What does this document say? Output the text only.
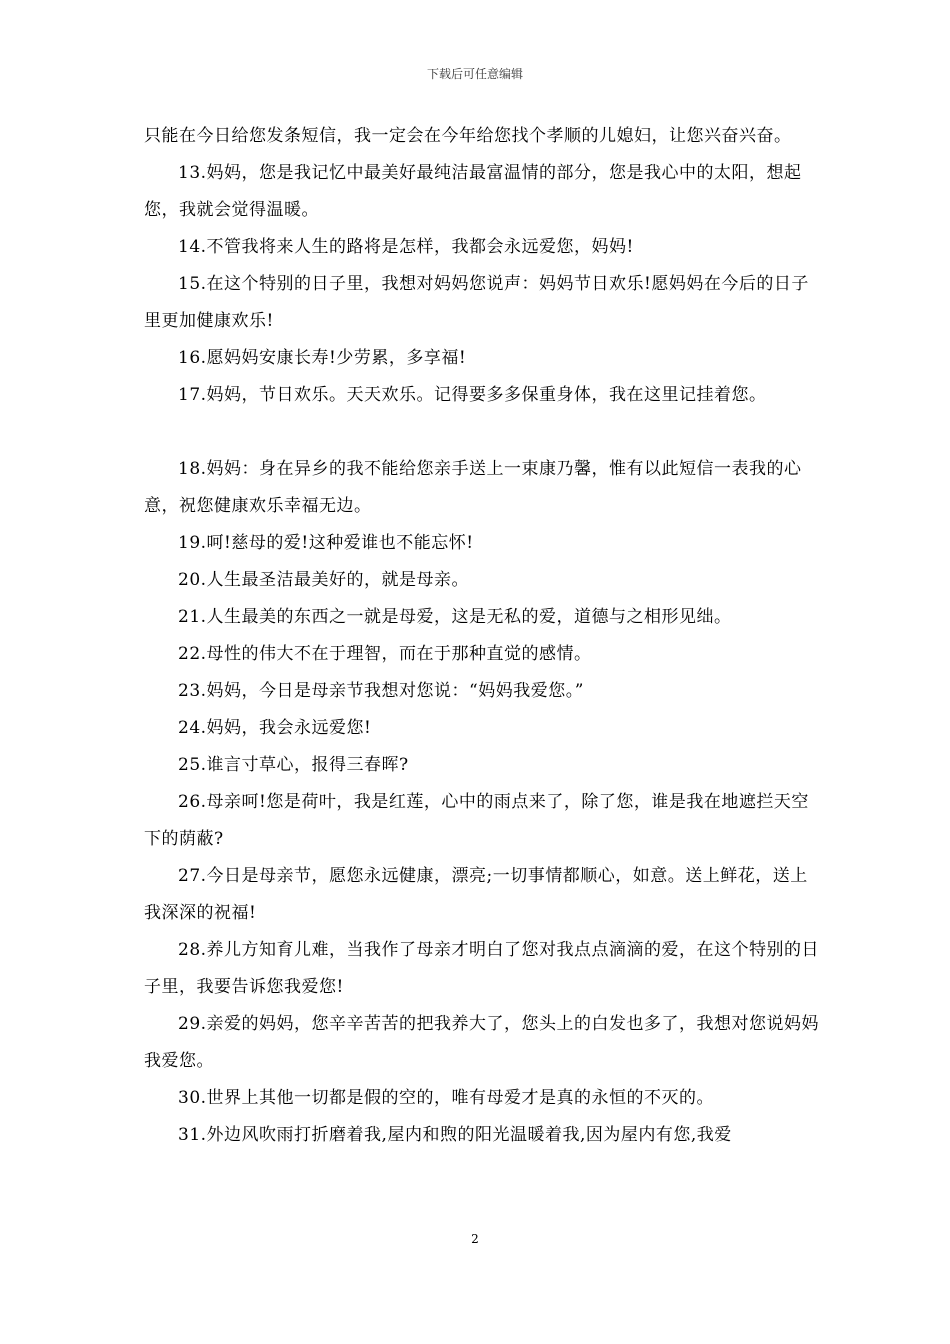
下载后可任意编辑

只能在今日给您发条短信，我一定会在今年给您找个孝顺的儿媳妇，让您兴奋兴奋。

13.妈妈，您是我记忆中最美好最纯洁最富温情的部分，您是我心中的太阳，想起您，我就会觉得温暖。

14.不管我将来人生的路将是怎样，我都会永远爱您，妈妈!

15.在这个特别的日子里，我想对妈妈您说声：妈妈节日欢乐!愿妈妈在今后的日子里更加健康欢乐!

16.愿妈妈安康长寿!少劳累，多享福!

17.妈妈，节日欢乐。天天欢乐。记得要多多保重身体，我在这里记挂着您。

18.妈妈：身在异乡的我不能给您亲手送上一束康乃馨，惟有以此短信一表我的心意，祝您健康欢乐幸福无边。

19.呵!慈母的爱!这种爱谁也不能忘怀!

20.人生最圣洁最美好的，就是母亲。

21.人生最美的东西之一就是母爱，这是无私的爱，道德与之相形见绌。

22.母性的伟大不在于理智，而在于那种直觉的感情。

23.妈妈，今日是母亲节我想对您说：“妈妈我爱您。”

24.妈妈，我会永远爱您!

25.谁言寸草心，报得三春晖?

26.母亲呵!您是荷叶，我是红莲，心中的雨点来了，除了您，谁是我在地遮拦天空下的荫蔽?

27.今日是母亲节，愿您永远健康，漂亮;一切事情都顺心，如意。送上鲜花，送上我深深的祝福!

28.养儿方知育儿难，当我作了母亲才明白了您对我点点滴滴的爱，在这个特别的日子里，我要告诉您我爱您!

29.亲爱的妈妈，您辛辛苦苦的把我养大了，您头上的白发也多了，我想对您说妈妈我爱您。

30.世界上其他一切都是假的空的，唯有母爱才是真的永恒的不灭的。

31.外边风吹雨打折磨着我,屋内和煦的阳光温暖着我,因为屋内有您,我爱

2
